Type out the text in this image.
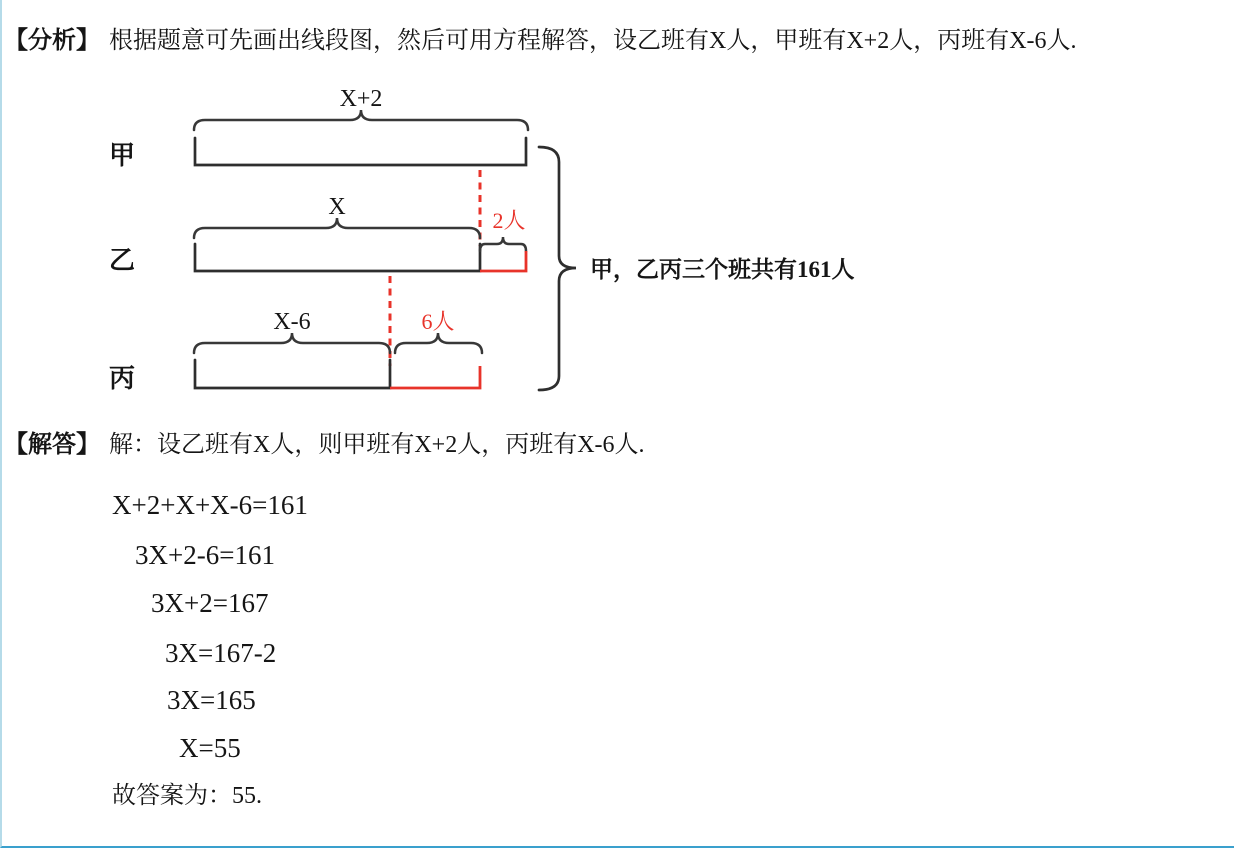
【分析】 根据题意可先画出线段图，然后可用方程解答，设乙班有X人，甲班有X+2人，丙班有X-6人.
甲
乙
丙
X+2
X
2人
X-6	6人
甲，乙丙三个班共有161人
【解答】 解：设乙班有X人，则甲班有X+2人，丙班有X-6人.
X+2+X+X-6=161
3X+2-6=161
3X+2=167
3X=167-2
3X=165
X=55
故答案为：55.
